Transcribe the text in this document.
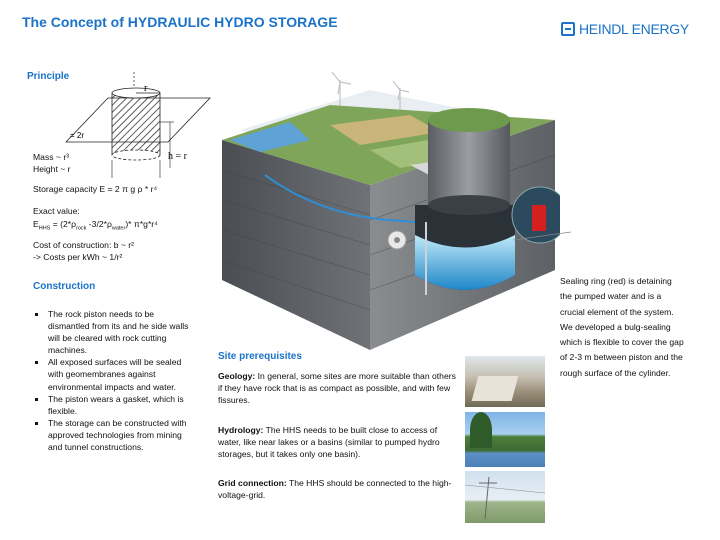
The Concept of HYDRAULIC HYDRO STORAGE	HEINDL ENERGY
Principle
r
= 2r
h = r
Mass ~ r³
Height ~ r
Storage capacity E = 2 π g ρ * r⁴
Exact value:
$E_{HHS} = (2*\rho_{rock}$ $-3/2*\rho_{water})*$ π*g*r⁴
Cost of construction: b ~ r²
-> Costs per kWh ~ 1/r²
Construction
The rock piston needs to be dismantled from its and he side walls will be cleared with rock cutting machines.
All exposed surfaces will be sealed with geomembranes against environmental impacts and water.
The piston wears a gasket, which is flexible.
The storage can be constructed with approved technologies from mining and tunnel constructions.
Sealing ring (red) is detaining the pumped water and is a crucial element of the system. We developed a bulg-sealing which is flexible to cover the gap of 2-3 m between piston and the rough surface of the cylinder.
Site prerequisites
Geology: In general, some sites are more suitable than others if they have rock that is as compact as possible, and with few fissures.
Hydrology: The HHS needs to be built close to access of water, like near lakes or a basins (similar to pumped hydro storages, but it takes only one basin).
Grid connection: The HHS should be connected to the high-voltage-grid.
